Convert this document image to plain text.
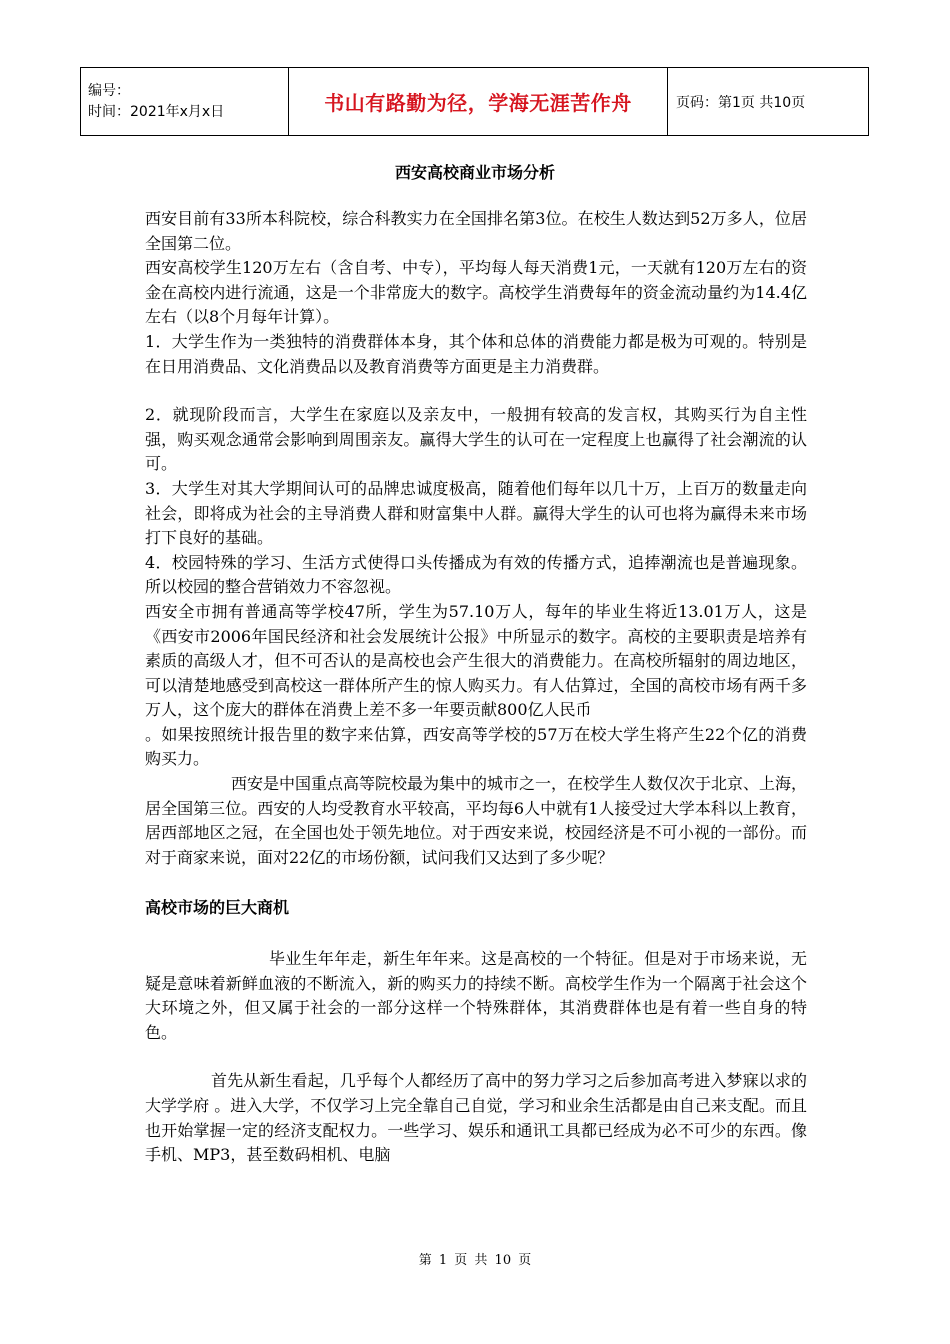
编号：
时间：2021年x月x日	书山有路勤为径，学海无涯苦作舟	页码：第1页 共10页
西安高校商业市场分析

西安目前有33所本科院校，综合科教实力在全国排名第3位。在校生人数达到52万多人，位居全国第二位。

西安高校学生120万左右（含自考、中专），平均每人每天消费1元，一天就有120万左右的资金在高校内进行流通，这是一个非常庞大的数字。高校学生消费每年的资金流动量约为14.4亿左右（以8个月每年计算）。

1．大学生作为一类独特的消费群体本身，其个体和总体的消费能力都是极为可观的。特别是在日用消费品、文化消费品以及教育消费等方面更是主力消费群。

2．就现阶段而言，大学生在家庭以及亲友中，一般拥有较高的发言权，其购买行为自主性强，购买观念通常会影响到周围亲友。赢得大学生的认可在一定程度上也赢得了社会潮流的认可。

3．大学生对其大学期间认可的品牌忠诚度极高，随着他们每年以几十万，上百万的数量走向社会，即将成为社会的主导消费人群和财富集中人群。赢得大学生的认可也将为赢得未来市场打下良好的基础。

4．校园特殊的学习、生活方式使得口头传播成为有效的传播方式，追捧潮流也是普遍现象。所以校园的整合营销效力不容忽视。

西安全市拥有普通高等学校47所，学生为57.10万人，每年的毕业生将近13.01万人，这是《西安市2006年国民经济和社会发展统计公报》中所显示的数字。高校的主要职责是培养有素质的高级人才，但不可否认的是高校也会产生很大的消费能力。在高校所辐射的周边地区，可以清楚地感受到高校这一群体所产生的惊人购买力。有人估算过，全国的高校市场有两千多万人，这个庞大的群体在消费上差不多一年要贡献800亿人民币

。如果按照统计报告里的数字来估算，西安高等学校的57万在校大学生将产生22个亿的消费购买力。

西安是中国重点高等院校最为集中的城市之一，在校学生人数仅次于北京、上海，居全国第三位。西安的人均受教育水平较高，平均每6人中就有1人接受过大学本科以上教育，居西部地区之冠，在全国也处于领先地位。对于西安来说，校园经济是不可小视的一部份。而对于商家来说，面对22亿的市场份额，试问我们又达到了多少呢？

高校市场的巨大商机

毕业生年年走，新生年年来。这是高校的一个特征。但是对于市场来说，无疑是意味着新鲜血液的不断流入，新的购买力的持续不断。高校学生作为一个隔离于社会这个大环境之外，但又属于社会的一部分这样一个特殊群体，其消费群体也是有着一些自身的特色。

首先从新生看起，几乎每个人都经历了高中的努力学习之后参加高考进入梦寐以求的大学学府 。进入大学，不仅学习上完全靠自己自觉，学习和业余生活都是由自己来支配。而且也开始掌握一定的经济支配权力。一些学习、娱乐和通讯工具都已经成为必不可少的东西。像手机、MP3，甚至数码相机、电脑

第 1 页 共 10 页
